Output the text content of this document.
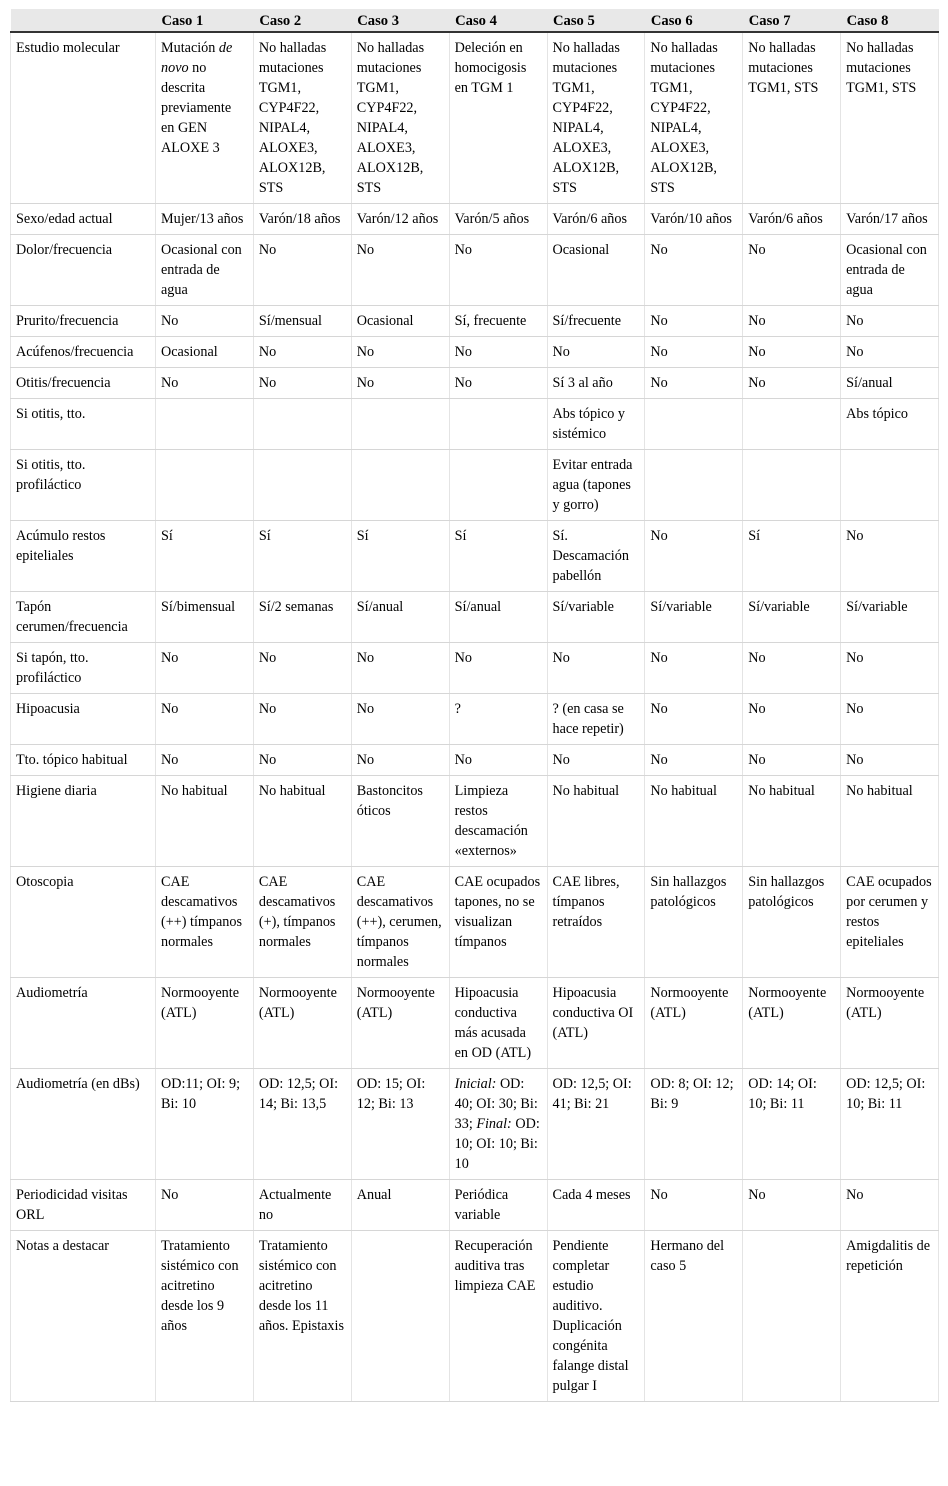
	Caso 1	Caso 2	Caso 3	Caso 4	Caso 5	Caso 6	Caso 7	Caso 8
Estudio molecular	Mutación de novo no descrita previamente en GEN ALOXE 3	No halladas mutaciones TGM1, CYP4F22, NIPAL4, ALOXE3, ALOX12B, STS	No halladas mutaciones TGM1, CYP4F22, NIPAL4, ALOXE3, ALOX12B, STS	Deleción en homocigosis en TGM 1	No halladas mutaciones TGM1, CYP4F22, NIPAL4, ALOXE3, ALOX12B, STS	No halladas mutaciones TGM1, CYP4F22, NIPAL4, ALOXE3, ALOX12B, STS	No halladas mutaciones TGM1, STS	No halladas mutaciones TGM1, STS
Sexo/edad actual	Mujer/13 años	Varón/18 años	Varón/12 años	Varón/5 años	Varón/6 años	Varón/10 años	Varón/6 años	Varón/17 años
Dolor/frecuencia	Ocasional con entrada de agua	No	No	No	Ocasional	No	No	Ocasional con entrada de agua
Prurito/frecuencia	No	Sí/mensual	Ocasional	Sí, frecuente	Sí/frecuente	No	No	No
Acúfenos/frecuencia	Ocasional	No	No	No	No	No	No	No
Otitis/frecuencia	No	No	No	No	Sí 3 al año	No	No	Sí/anual
Si otitis, tto.					Abs tópico y sistémico			Abs tópico
Si otitis, tto. profiláctico					Evitar entrada agua (tapones y gorro)			
Acúmulo restos epiteliales	Sí	Sí	Sí	Sí	Sí. Descamación pabellón	No	Sí	No
Tapón cerumen/frecuencia	Sí/bimensual	Sí/2 semanas	Sí/anual	Sí/anual	Sí/variable	Sí/variable	Sí/variable	Sí/variable
Si tapón, tto. profiláctico	No	No	No	No	No	No	No	No
Hipoacusia	No	No	No	?	? (en casa se hace repetir)	No	No	No
Tto. tópico habitual	No	No	No	No	No	No	No	No
Higiene diaria	No habitual	No habitual	Bastoncitos óticos	Limpieza restos descamación «externos»	No habitual	No habitual	No habitual	No habitual
Otoscopia	CAE descamativos (++) tímpanos normales	CAE descamativos (+), tímpanos normales	CAE descamativos (++), cerumen, tímpanos normales	CAE ocupados tapones, no se visualizan tímpanos	CAE libres, tímpanos retraídos	Sin hallazgos patológicos	Sin hallazgos patológicos	CAE ocupados por cerumen y restos epiteliales
Audiometría	Normooyente (ATL)	Normooyente (ATL)	Normooyente (ATL)	Hipoacusia conductiva más acusada en OD (ATL)	Hipoacusia conductiva OI (ATL)	Normooyente (ATL)	Normooyente (ATL)	Normooyente (ATL)
Audiometría (en dBs)	OD:11; OI: 9; Bi: 10	OD: 12,5; OI: 14; Bi: 13,5	OD: 15; OI: 12; Bi: 13	Inicial: OD: 40; OI: 30; Bi: 33; Final: OD: 10; OI: 10; Bi: 10	OD: 12,5; OI: 41; Bi: 21	OD: 8; OI: 12; Bi: 9	OD: 14; OI: 10; Bi: 11	OD: 12,5; OI: 10; Bi: 11
Periodicidad visitas ORL	No	Actualmente no	Anual	Periódica variable	Cada 4 meses	No	No	No
Notas a destacar	Tratamiento sistémico con acitretino desde los 9 años	Tratamiento sistémico con acitretino desde los 11 años. Epistaxis		Recuperación auditiva tras limpieza CAE	Pendiente completar estudio auditivo. Duplicación congénita falange distal pulgar I	Hermano del caso 5		Amigdalitis de repetición
